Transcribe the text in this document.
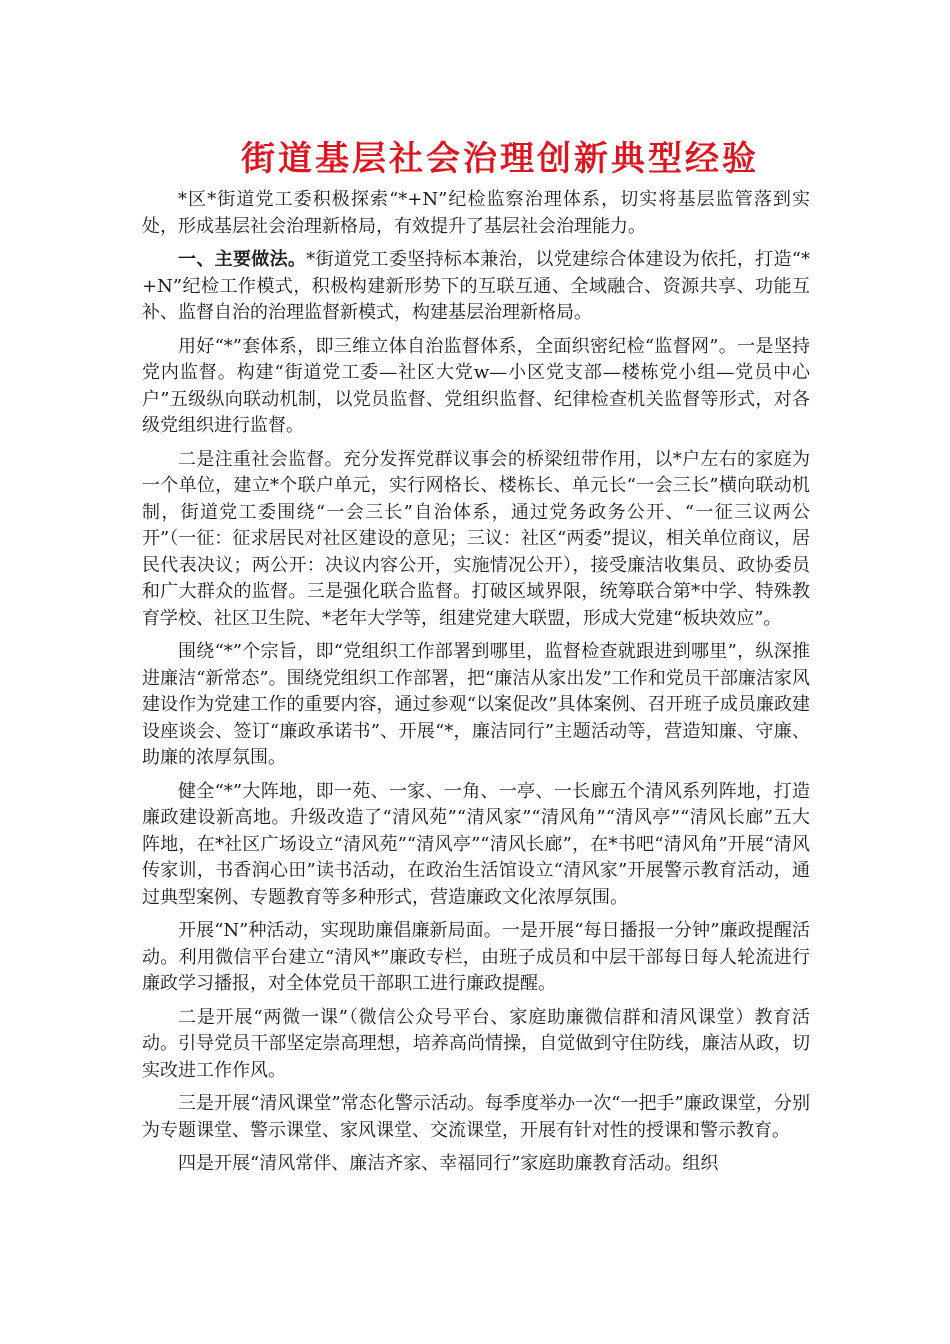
街道基层社会治理创新典型经验

*区*街道党工委积极探索“*+N”纪检监察治理体系，切实将基层监管落到实处，形成基层社会治理新格局，有效提升了基层社会治理能力。

一、主要做法。*街道党工委坚持标本兼治，以党建综合体建设为依托，打造“*+N”纪检工作模式，积极构建新形势下的互联互通、全域融合、资源共享、功能互补、监督自治的治理监督新模式，构建基层治理新格局。

用好“*”套体系，即三维立体自治监督体系，全面织密纪检“监督网”。一是坚持党内监督。构建“街道党工委—社区大党w—小区党支部—楼栋党小组—党员中心户”五级纵向联动机制，以党员监督、党组织监督、纪律检查机关监督等形式，对各级党组织进行监督。

二是注重社会监督。充分发挥党群议事会的桥梁纽带作用，以*户左右的家庭为一个单位，建立*个联户单元，实行网格长、楼栋长、单元长“一会三长”横向联动机制，街道党工委围绕“一会三长”自治体系，通过党务政务公开、“一征三议两公开”（一征：征求居民对社区建设的意见；三议：社区“两委”提议，相关单位商议，居民代表决议；两公开：决议内容公开，实施情况公开），接受廉洁收集员、政协委员和广大群众的监督。三是强化联合监督。打破区域界限，统筹联合第*中学、特殊教育学校、社区卫生院、*老年大学等，组建党建大联盟，形成大党建“板块效应”。

围绕“*”个宗旨，即“党组织工作部署到哪里，监督检查就跟进到哪里”，纵深推进廉洁“新常态”。围绕党组织工作部署，把“廉洁从家出发”工作和党员干部廉洁家风建设作为党建工作的重要内容，通过参观“以案促改”具体案例、召开班子成员廉政建设座谈会、签订“廉政承诺书”、开展“*，廉洁同行”主题活动等，营造知廉、守廉、助廉的浓厚氛围。

健全“*”大阵地，即一苑、一家、一角、一亭、一长廊五个清风系列阵地，打造廉政建设新高地。升级改造了“清风苑”“清风家”“清风角”“清风亭”“清风长廊”五大阵地，在*社区广场设立“清风苑”“清风亭”“清风长廊”，在*书吧“清风角”开展“清风传家训，书香润心田”读书活动，在政治生活馆设立“清风家”开展警示教育活动，通过典型案例、专题教育等多种形式，营造廉政文化浓厚氛围。

开展“N”种活动，实现助廉倡廉新局面。一是开展“每日播报一分钟”廉政提醒活动。利用微信平台建立“清风*”廉政专栏，由班子成员和中层干部每日每人轮流进行廉政学习播报，对全体党员干部职工进行廉政提醒。

二是开展“两微一课”（微信公众号平台、家庭助廉微信群和清风课堂）教育活动。引导党员干部坚定崇高理想，培养高尚情操，自觉做到守住防线，廉洁从政，切实改进工作作风。

三是开展“清风课堂”常态化警示活动。每季度举办一次“一把手”廉政课堂，分别为专题课堂、警示课堂、家风课堂、交流课堂，开展有针对性的授课和警示教育。

四是开展“清风常伴、廉洁齐家、幸福同行”家庭助廉教育活动。组织
